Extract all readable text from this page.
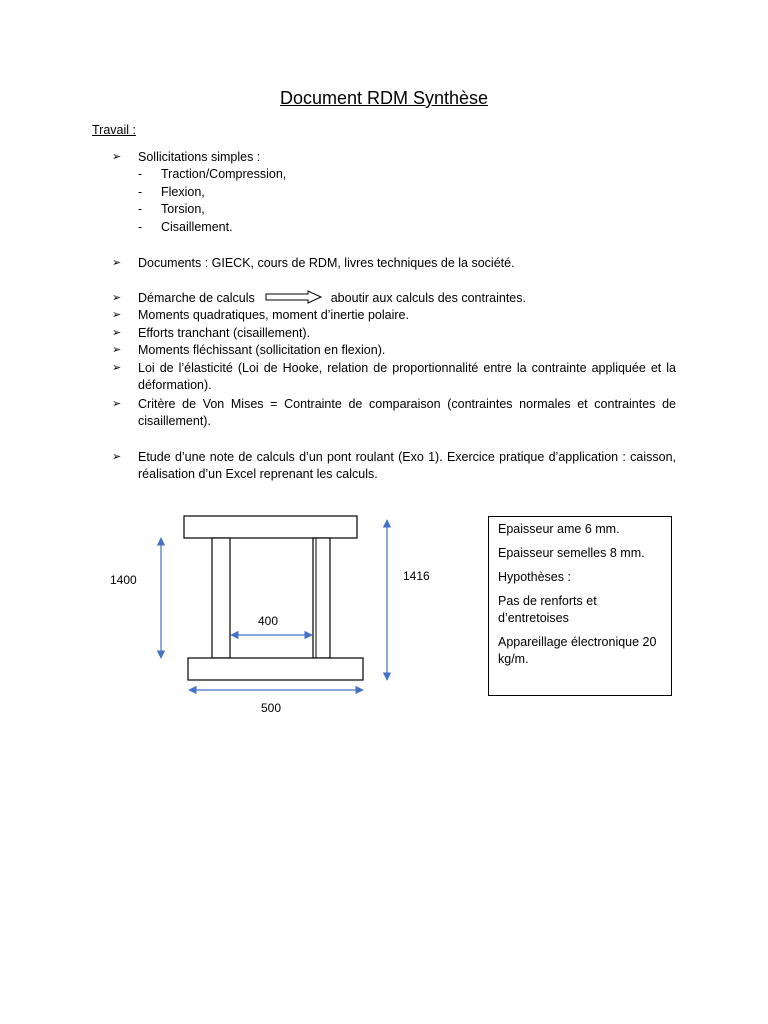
Document RDM Synthèse
Travail :
➢	Sollicitations simples :
- Traction/Compression,
- Flexion,
- Torsion,
- Cisaillement.
➢	Documents : GIECK, cours de RDM, livres techniques de la société.
➢	Démarche de calculs	aboutir aux calculs des contraintes.
➢	Moments quadratiques, moment d’inertie polaire.
➢	Efforts tranchant (cisaillement).
➢	Moments fléchissant (sollicitation en flexion).
➢	Loi de l’élasticité (Loi de Hooke, relation de proportionnalité entre la contrainte appliquée et la déformation).
➢	Critère de Von Mises = Contrainte de comparaison (contraintes normales et contraintes de cisaillement).
➢	Etude d’une note de calculs d’un pont roulant (Exo 1). Exercice pratique d’application : caisson, réalisation d’un Excel reprenant les calculs.
1400	1416
400
500

Epaisseur ame 6 mm.

Epaisseur semelles 8 mm.

Hypothèses :

Pas de renforts et d’entretoises

Appareillage électronique 20 kg/m.
